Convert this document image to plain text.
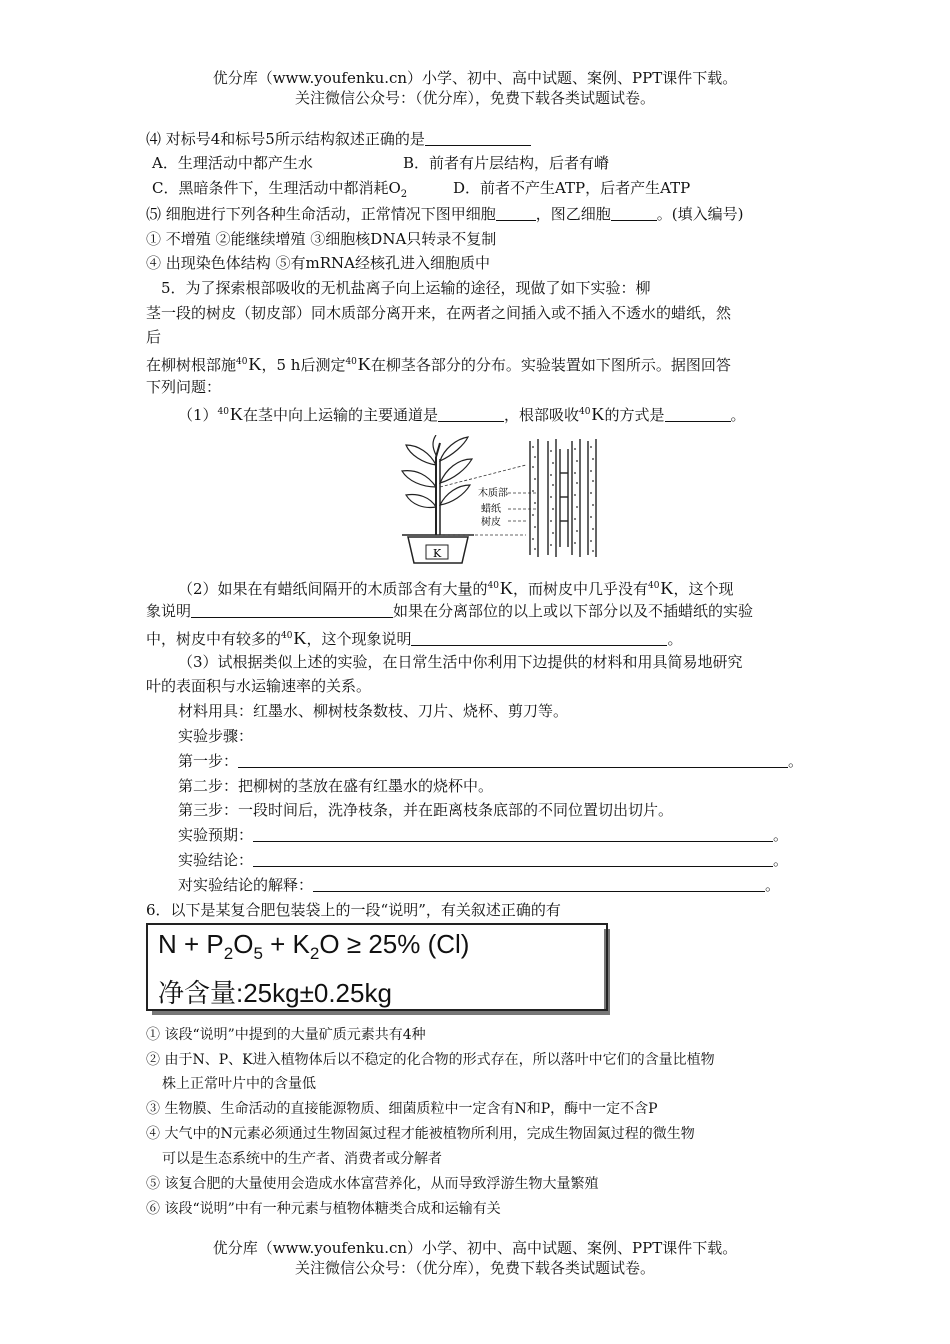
优分库（www.youfenku.cn）小学、初中、高中试题、案例、PPT课件下载。
关注微信公众号：（优分库），免费下载各类试题试卷。
⑷ 对标号4和标号5所示结构叙述正确的是
A．生理活动中都产生水	B．前者有片层结构，后者有嵴
C．黑暗条件下，生理活动中都消耗$O_2$	D．前者不产生ATP，后者产生ATP
⑸ 细胞进行下列各种生命活动，正常情况下图甲细胞	，图乙细胞	。(填入编号)
① 不增殖 ②能继续增殖 ③细胞核DNA只转录不复制
④ 出现染色体结构 ⑤有mRNA经核孔进入细胞质中
5．为了探索根部吸收的无机盐离子向上运输的途径，现做了如下实验：柳
茎一段的树皮（韧皮部）同木质部分离开来，在两者之间插入或不插入不透水的蜡纸，然
后
在柳树根部施$^{40}$K，5 h后测定$^{40}$K在柳茎各部分的分布。实验装置如下图所示。据图回答
下列问题：
$(1)^{40}K$在茎中向上运输的主要通道是	，根部吸收$^{40}$K的方式是	。
K
木质部
蜡纸
树皮
（2）如果在有蜡纸间隔开的木质部含有大量的$^{40}$K，而树皮中几乎没有$^{40}$K，这个现
象说明	如果在分离部位的以上或以下部分以及不插蜡纸的实验
中，树皮中有较多的$^{40}$K，这个现象说明	。
（3）试根据类似上述的实验，在日常生活中你利用下边提供的材料和用具简易地研究
叶的表面积与水运输速率的关系。
材料用具：红墨水、柳树枝条数枝、刀片、烧杯、剪刀等。
实验步骤：
第一步：	。
第二步：把柳树的茎放在盛有红墨水的烧杯中。
第三步：一段时间后，洗净枝条，并在距离枝条底部的不同位置切出切片。
实验预期：	。
实验结论：	。
对实验结论的解释：	。
6．以下是某复合肥包装袋上的一段“说明”，有关叙述正确的有
$N + P_2O_5 + K_2O \ge 25\%$ (Cl)
净含量:25kg±0.25kg
① 该段“说明”中提到的大量矿质元素共有4种
② 由于N、P、K进入植物体后以不稳定的化合物的形式存在，所以落叶中它们的含量比植物
株上正常叶片中的含量低
③ 生物膜、生命活动的直接能源物质、细菌质粒中一定含有N和P，酶中一定不含P
④ 大气中的N元素必须通过生物固氮过程才能被植物所利用，完成生物固氮过程的微生物
可以是生态系统中的生产者、消费者或分解者
⑤ 该复合肥的大量使用会造成水体富营养化，从而导致浮游生物大量繁殖
⑥ 该段“说明”中有一种元素与植物体糖类合成和运输有关
优分库（www.youfenku.cn）小学、初中、高中试题、案例、PPT课件下载。
关注微信公众号：（优分库），免费下载各类试题试卷。
